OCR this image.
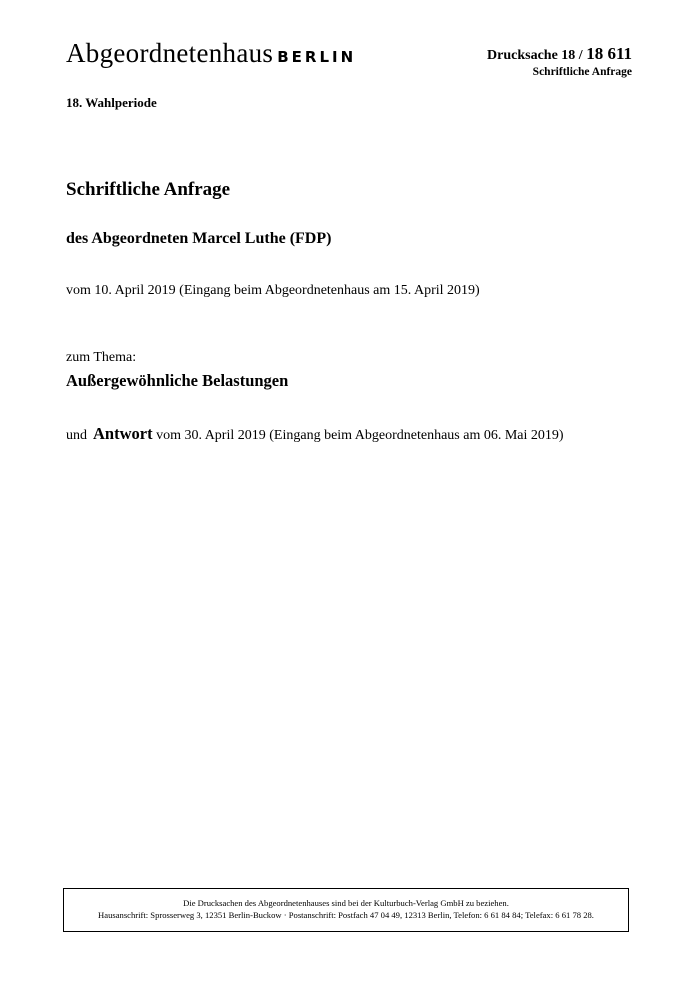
Abgeordnetenhaus BERLIN	Drucksache 18 / 18 611
Schriftliche Anfrage
18. Wahlperiode
Schriftliche Anfrage
des Abgeordneten Marcel Luthe (FDP)
vom 10. April 2019 (Eingang beim Abgeordnetenhaus am 15. April 2019)
zum Thema:
Außergewöhnliche Belastungen
und Antwort vom 30. April 2019 (Eingang beim Abgeordnetenhaus am 06. Mai 2019)
Die Drucksachen des Abgeordnetenhauses sind bei der Kulturbuch-Verlag GmbH zu beziehen.
Hausanschrift: Sprosserweg 3, 12351 Berlin-Buckow · Postanschrift: Postfach 47 04 49, 12313 Berlin, Telefon: 6 61 84 84; Telefax: 6 61 78 28.
